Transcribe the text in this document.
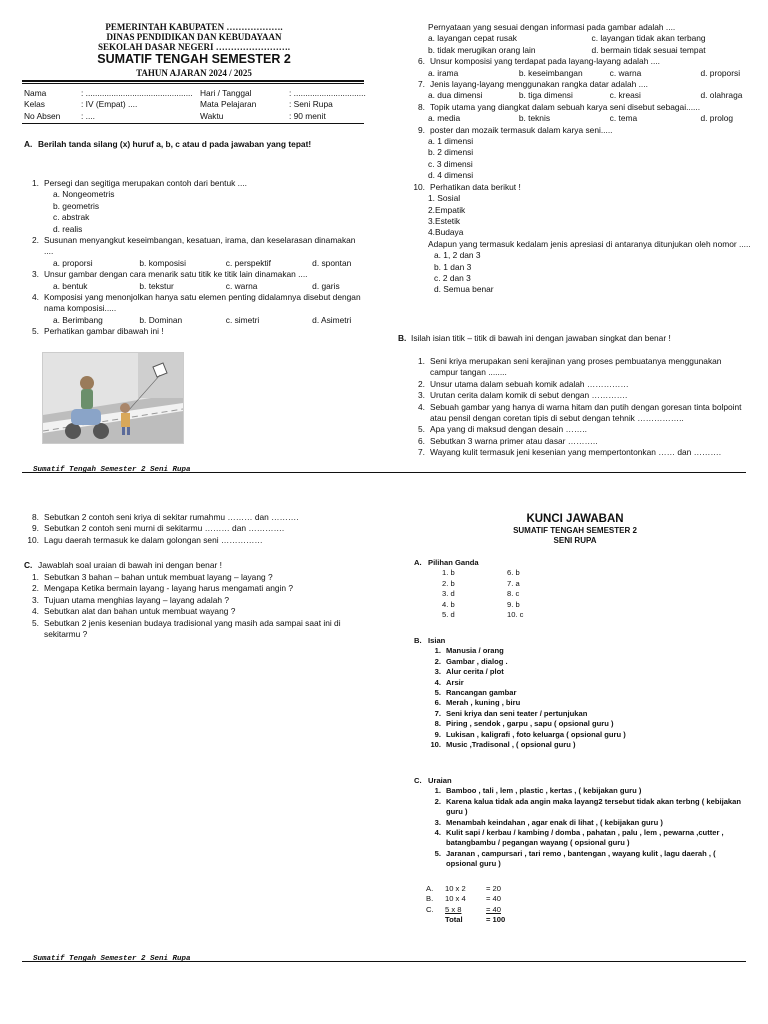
PEMERINTAH KABUPATEN ……………….
DINAS PENDIDIKAN DAN KEBUDAYAAN
SEKOLAH DASAR NEGERI …………………….
SUMATIF TENGAH SEMESTER 2
TAHUN AJARAN 2024 / 2025
Nama	: .............................................. Hari / Tanggal	: ...............................
Kelas	: IV (Empat) ....	Mata Pelajaran	: Seni Rupa
No Absen	: ....	Waktu	: 90 menit
A. Berilah tanda silang (x) huruf a, b, c atau d pada jawaban yang tepat!
1. Persegi dan segitiga merupakan contoh dari bentuk ....
a. Nongeometris
b. geometris
c. abstrak
d. realis
2. Susunan menyangkut keseimbangan, kesatuan, irama, dan keselarasan dinamakan ....
a. proporsi	b. komposisi	c. perspektif	d. spontan
3. Unsur gambar dengan cara menarik satu titik ke titik lain dinamakan ....
a. bentuk	b. tekstur	c. warna	d. garis
4. Komposisi yang menonjolkan hanya satu elemen penting didalamnya disebut dengan nama komposisi.....
a. Berimbang	b. Dominan	c. simetri	d. Asimetri
5. Perhatikan gambar dibawah ini !
Pernyataan yang sesuai dengan informasi pada gambar adalah ....
a. layangan cepat rusak	c. layangan tidak akan terbang
b. tidak merugikan orang lain	d. bermain tidak sesuai tempat
6. Unsur komposisi yang terdapat pada layang-layang adalah ....
a. irama	b. keseimbangan	c. warna	d. proporsi
7. Jenis layang-layang menggunakan rangka datar adalah ....
a. dua dimensi	b. tiga dimensi	c. kreasi	d. olahraga
8. Topik utama yang diangkat dalam sebuah karya seni disebut sebagai......
a. media	b. teknis	c. tema	d. prolog
9. poster dan mozaik termasuk dalam karya seni.....
a. 1 dimensi
b. 2 dimensi
c. 3 dimensi
d. 4 dimensi
10. Perhatikan data berikut !
1. Sosial
2.Empatik
3.Estetik
4.Budaya
Adapun yang termasuk kedalam jenis apresiasi di antaranya ditunjukan oleh nomor .....
a. 1, 2 dan 3
b. 1 dan 3
c. 2 dan 3
d. Semua benar
B. Isilah isian titik – titik di bawah ini dengan jawaban singkat dan benar !
1. Seni kriya merupakan seni kerajinan yang proses pembuatanya menggunakan campur tangan ........
2. Unsur utama dalam sebuah komik adalah ……………
3. Urutan cerita dalam komik di sebut dengan ………….
4. Sebuah gambar yang hanya di warna hitam dan putih dengan goresan tinta bolpoint atau pensil dengan coretan tipis di sebut dengan tehnik ……………..
5. Apa yang di maksud dengan desain ……..
6. Sebutkan 3 warna primer atau dasar ………..
7. Wayang kulit termasuk jeni kesenian yang mempertontonkan …… dan ……….
Sumatif Tengah Semester 2 Seni Rupa
8. Sebutkan 2 contoh seni kriya di sekitar rumahmu ……… dan ……….
9. Sebutkan 2 contoh seni murni di sekitarmu ……… dan ………….
10. Lagu daerah termasuk ke dalam golongan seni ……………
C. Jawablah soal uraian di bawah ini dengan benar !
1. Sebutkan 3 bahan – bahan untuk membuat layang – layang ?
2. Mengapa Ketika bermain layang - layang harus mengamati angin ?
3. Tujuan utama menghias layang – layang adalah ?
4. Sebutkan alat dan bahan untuk membuat wayang ?
5. Sebutkan 2 jenis kesenian budaya tradisional yang masih ada sampai saat ini di sekitarmu ?
KUNCI JAWABAN
SUMATIF TENGAH SEMESTER 2
SENI RUPA
A. Pilihan Ganda
1. b
2. b
3. d
4. b
5. d
6. b
7. a
8. c
9. b
10. c
B. Isian
1. Manusia / orang
2. Gambar , dialog .
3. Alur cerita / plot
4. Arsir
5. Rancangan gambar
6. Merah , kuning , biru
7. Seni kriya dan seni teater / pertunjukan
8. Piring , sendok , garpu , sapu ( opsional guru )
9. Lukisan , kaligrafi , foto keluarga ( opsional guru )
10. Music ,Tradisonal , ( opsional guru )
C. Uraian
1. Bamboo , tali , lem , plastic , kertas , ( kebijakan guru )
2. Karena kalua tidak ada angin maka layang2 tersebut tidak akan terbng ( kebijakan guru )
3. Menambah keindahan , agar enak di lihat , ( kebijakan guru )
4. Kulit sapi / kerbau / kambing / domba , pahatan , palu , lem , pewarna ,cutter , batangbambu / pegangan wayang ( opsional guru )
5. Jaranan , campursari , tari remo , bantengan , wayang kulit , lagu daerah , ( opsional guru )
A.	10 x 2	= 20
B.	10 x 4	= 40
C.	5 x 8	= 40
Total	= 100
Sumatif Tengah Semester 2 Seni Rupa
